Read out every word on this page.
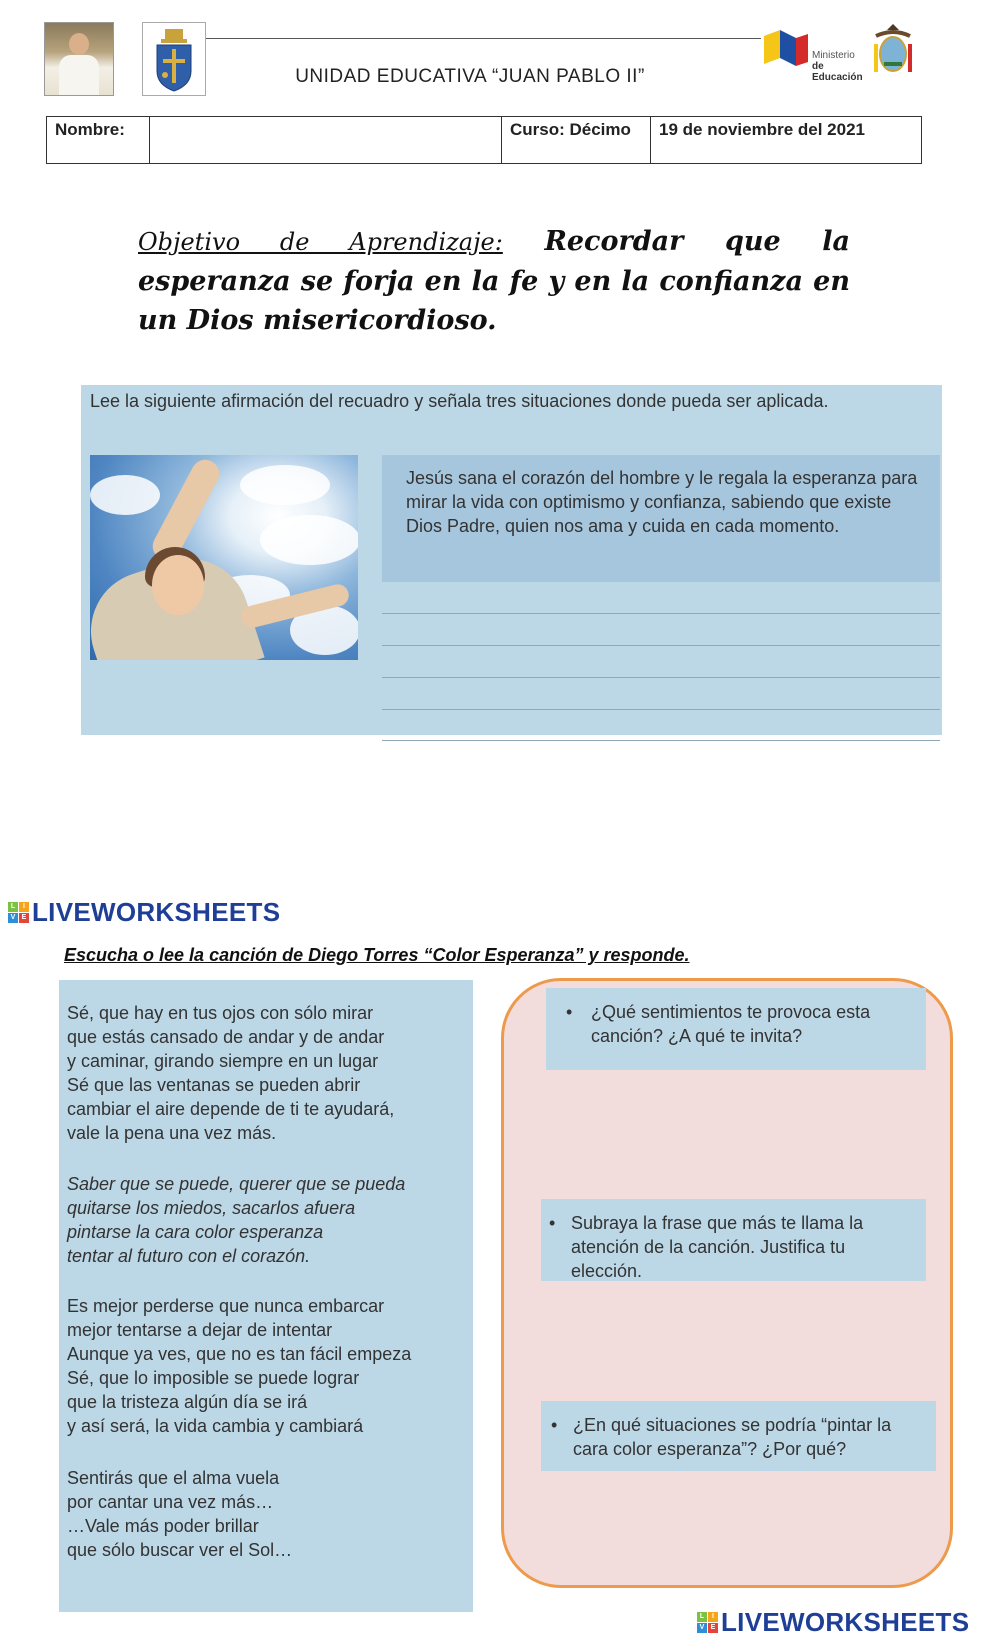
UNIDAD EDUCATIVA “JUAN PABLO II”
Ministerio
de Educación
Nombre:	Curso: Décimo	19 de noviembre del 2021
Objetivo de Aprendizaje: Recordar que la esperanza se forja en la fe y en la confianza en un Dios misericordioso.
Lee la siguiente afirmación del recuadro y señala tres situaciones donde pueda ser aplicada.
Jesús sana el corazón del hombre y le regala la esperanza para mirar la vida con optimismo y confianza, sabiendo que existe Dios Padre, quien nos ama y cuida en cada momento.
L	I
V E LIVEWORKSHEETS
Escucha o lee la canción de Diego Torres “Color Esperanza” y responde.
Sé, que hay en tus ojos con sólo mirar
que estás cansado de andar y de andar
y caminar, girando siempre en un lugar
Sé que las ventanas se pueden abrir
cambiar el aire depende de ti te ayudará,
vale la pena una vez más.
Saber que se puede, querer que se pueda
quitarse los miedos, sacarlos afuera
pintarse la cara color esperanza
tentar al futuro con el corazón.
Es mejor perderse que nunca embarcar
mejor tentarse a dejar de intentar
Aunque ya ves, que no es tan fácil empeza
Sé, que lo imposible se puede lograr
que la tristeza algún día se irá
y así será, la vida cambia y cambiará
Sentirás que el alma vuela
por cantar una vez más…
…Vale más poder brillar
que sólo buscar ver el Sol…
• ¿Qué sentimientos te provoca esta canción? ¿A qué te invita?
• Subraya la frase que más te llama la atención de la canción. Justifica tu elección.
• ¿En qué situaciones se podría “pintar la cara color esperanza”? ¿Por qué?
L	I
V E LIVEWORKSHEETS
